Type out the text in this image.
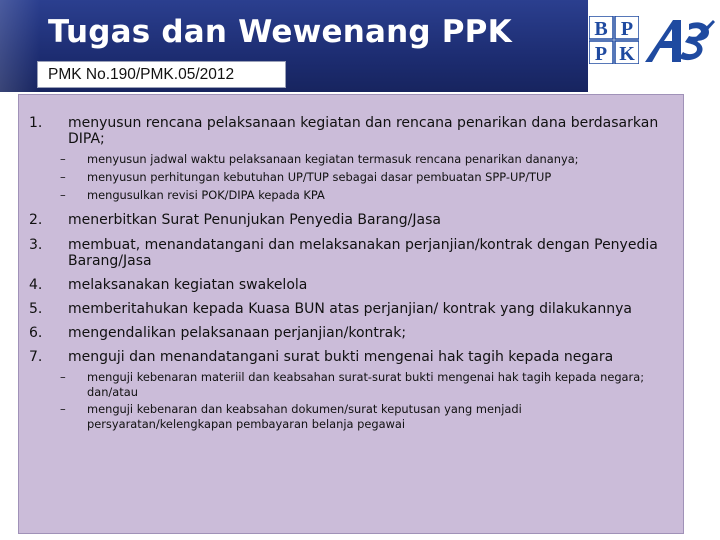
Tugas dan Wewenang PPK
PMK No.190/PMK.05/2012
B P
P K
1.	menyusun rencana pelaksanaan kegiatan dan rencana penarikan dana berdasarkan DIPA;
– menyusun jadwal waktu pelaksanaan kegiatan termasuk rencana penarikan dananya;
– menyusun perhitungan kebutuhan UP/TUP sebagai dasar pembuatan SPP-UP/TUP
– mengusulkan revisi POK/DIPA kepada KPA
2.	menerbitkan Surat Penunjukan Penyedia Barang/Jasa
3.	membuat, menandatangani dan melaksanakan perjanjian/kontrak dengan Penyedia Barang/Jasa
4.	melaksanakan kegiatan swakelola
5.	memberitahukan kepada Kuasa BUN atas perjanjian/ kontrak yang dilakukannya
6.	mengendalikan pelaksanaan perjanjian/kontrak;
7.	menguji dan menandatangani surat bukti mengenai hak tagih kepada negara
– menguji kebenaran materiil dan keabsahan surat-surat bukti mengenai hak tagih kepada negara; dan/atau
– menguji kebenaran dan keabsahan dokumen/surat keputusan yang menjadi persyaratan/kelengkapan pembayaran belanja pegawai
